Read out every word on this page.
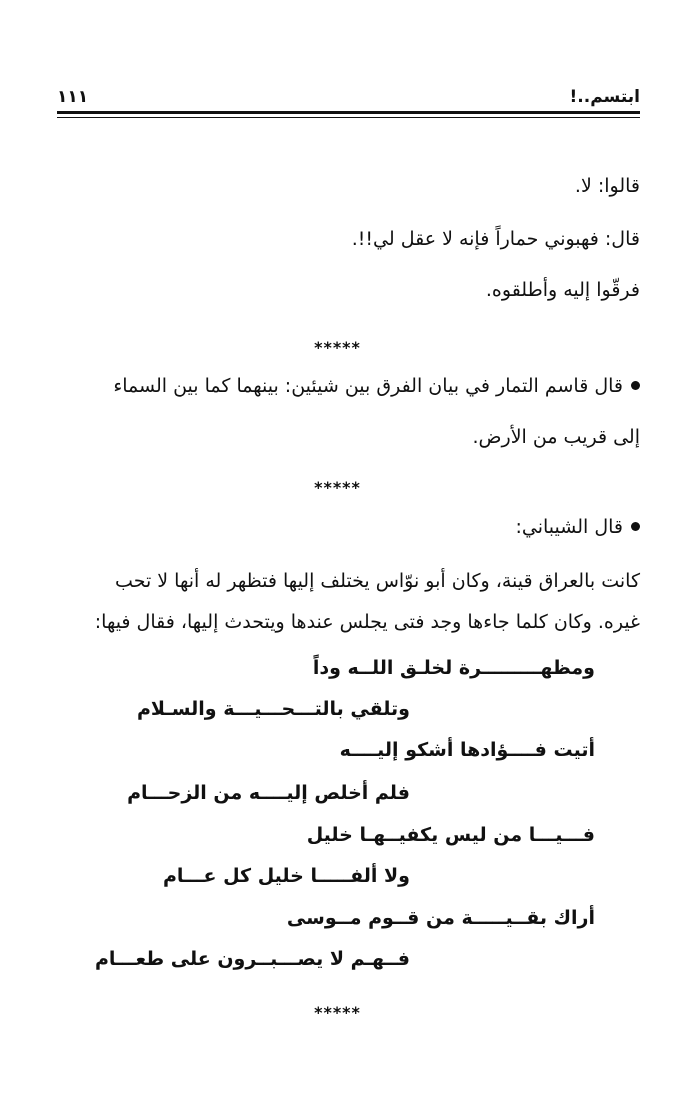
ابتسم..!
١١١
قالوا: لا.
قال: فهبوني حماراً فإنه لا عقل لي!!.
فرقّوا إليه وأطلقوه.
*****
قال قاسم التمار في بيان الفرق بين شيئين: بينهما كما بين السماء
إلى قريب من الأرض.
*****
قال الشيباني:
كانت بالعراق قينة، وكان أبو نوّاس يختلف إليها فتظهر له أنها لا تحب
غيره. وكان كلما جاءها وجد فتى يجلس عندها ويتحدث إليها، فقال فيها:
ومظهـــــــــرة لخلـق اللــه وداً
وتلقي بالتـــحـــيـــة والسـلام
أتيت فــــؤادها أشكو إليــــه
فلم أخلص إليــــه من الزحـــام
فـــيـــا من ليس يكفيــهـا خليل
ولا ألفـــــا خليل كل عـــام
أراك بقــيـــــة من قــوم مــوسى
فــهـم لا يصـــبــرون على طعـــام
*****
